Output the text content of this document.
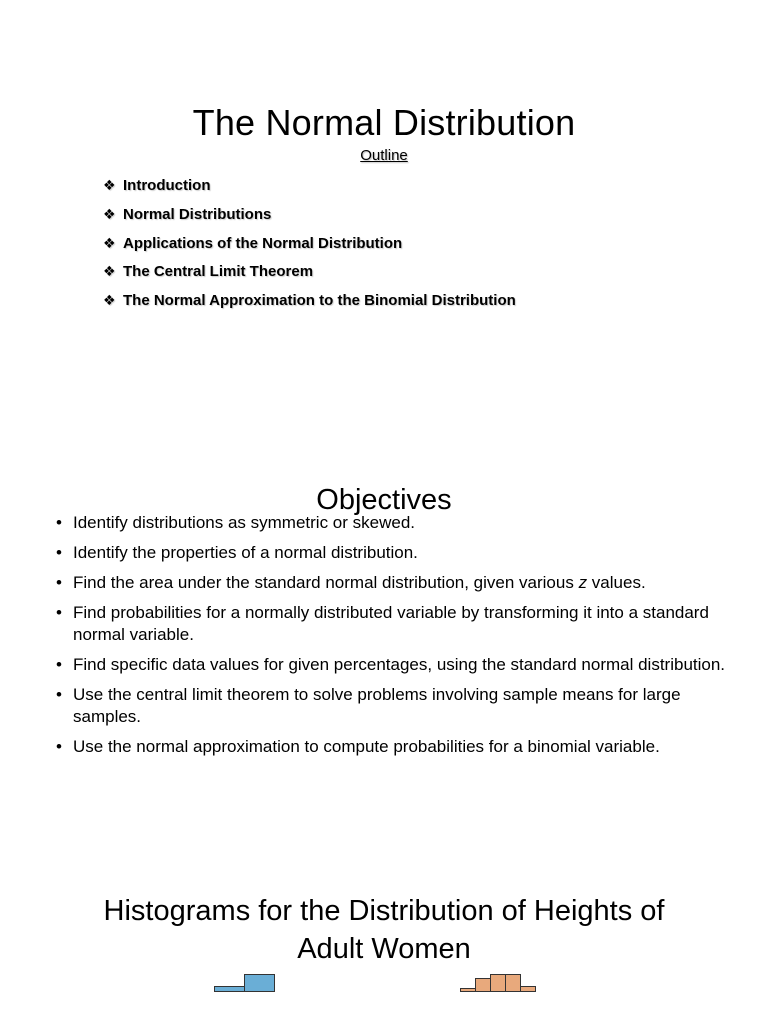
The Normal Distribution
Outline
❖ Introduction
❖ Normal Distributions
❖ Applications of the Normal Distribution
❖ The Central Limit Theorem
❖ The Normal Approximation to the Binomial Distribution
Objectives
• Identify distributions as symmetric or skewed.
• Identify the properties of a normal distribution.
• Find the area under the standard normal distribution, given various z values.
• Find probabilities for a normally distributed variable by transforming it into a standard normal variable.
• Find specific data values for given percentages, using the standard normal distribution.
• Use the central limit theorem to solve problems involving sample means for large samples.
• Use the normal approximation to compute probabilities for a binomial variable.
Histograms for the Distribution of Heights of
Adult Women
